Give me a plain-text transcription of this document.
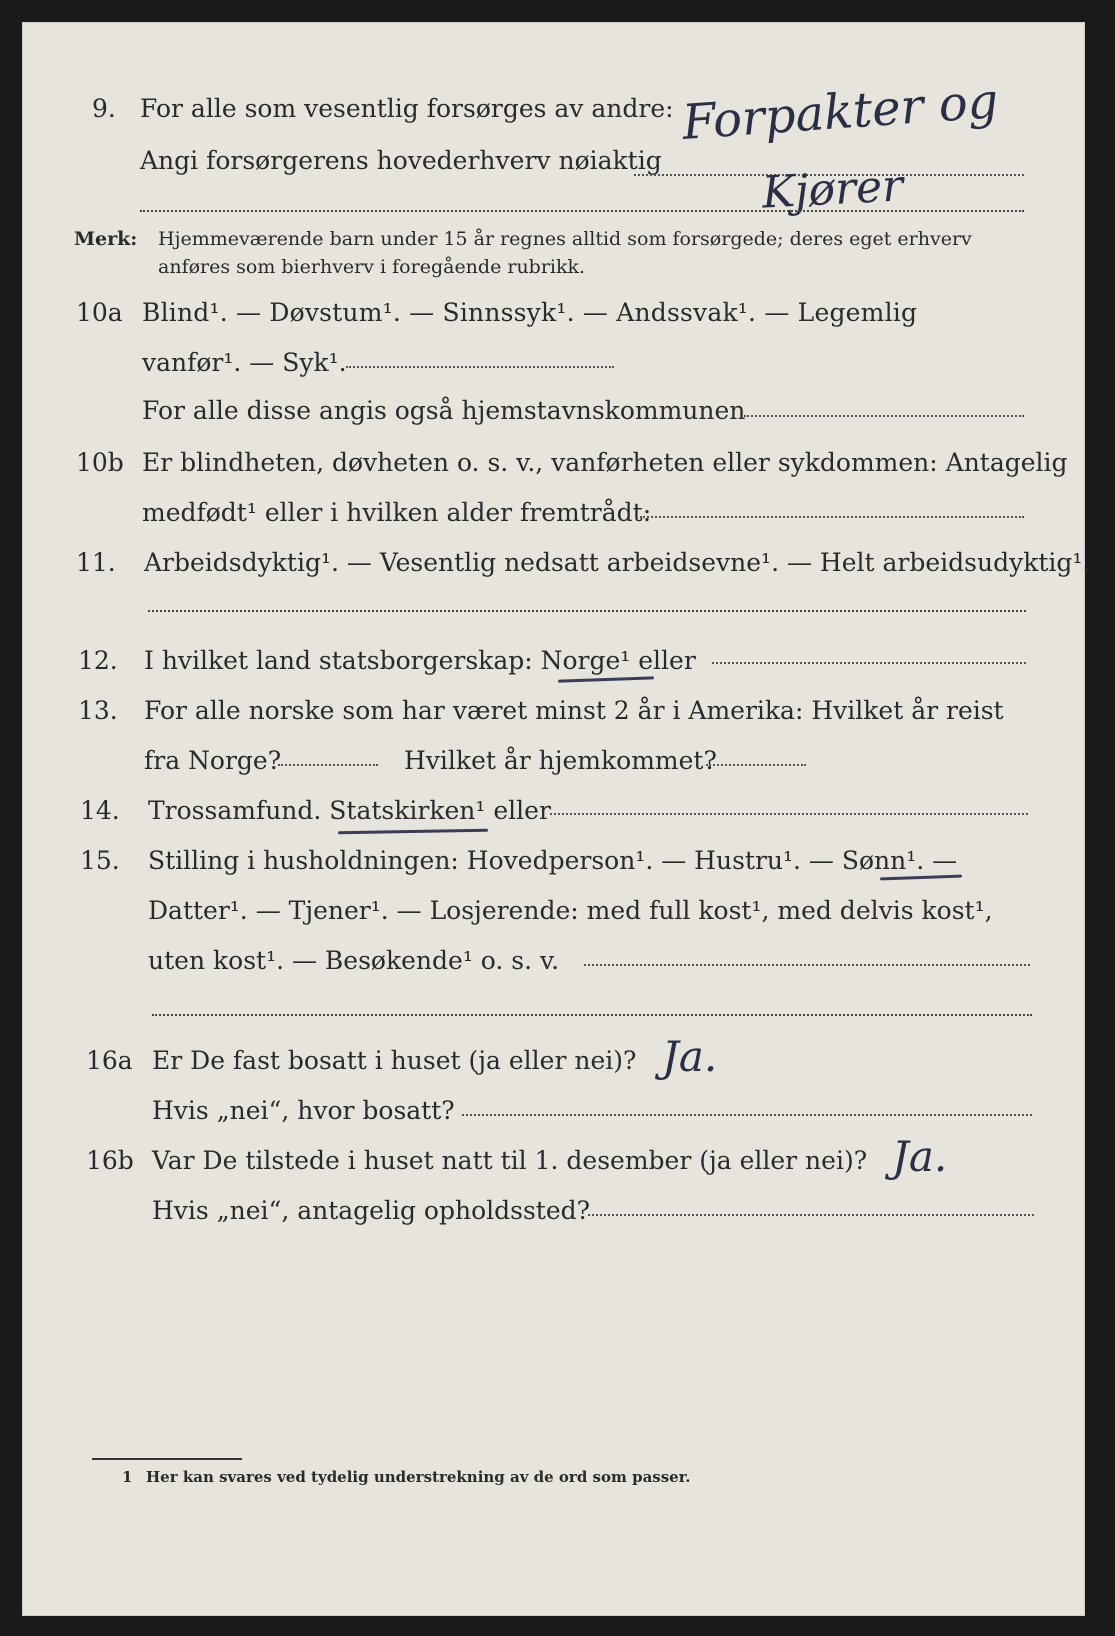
9. For alle som vesentlig forsørges av andre:
Angi forsørgerens hovederhverv nøiaktig
Forpakter og
Kjører
Merk: Hjemmeværende barn under 15 år regnes alltid som forsørgede; deres eget erhverv
anføres som bierhverv i foregående rubrikk.
10a Blind¹. — Døvstum¹. — Sinnssyk¹. — Andssvak¹. — Legemlig
vanfør¹. — Syk¹.
For alle disse angis også hjemstavnskommunen
10b Er blindheten, døvheten o. s. v., vanførheten eller sykdommen: Antagelig
medfødt¹ eller i hvilken alder fremtrådt:
11. Arbeidsdyktig¹. — Vesentlig nedsatt arbeidsevne¹. — Helt arbeidsudyktig¹.
12. I hvilket land statsborgerskap: Norge¹ eller
13. For alle norske som har været minst 2 år i Amerika: Hvilket år reist
fra Norge?	Hvilket år hjemkommet?
14. Trossamfund. Statskirken¹ eller
15. Stilling i husholdningen: Hovedperson¹. — Hustru¹. — Sønn¹. —
Datter¹. — Tjener¹. — Losjerende: med full kost¹, med delvis kost¹,
uten kost¹. — Besøkende¹ o. s. v.
16a Er De fast bosatt i huset (ja eller nei)? Ja.
Hvis „nei“, hvor bosatt?
16b Var De tilstede i huset natt til 1. desember (ja eller nei)? Ja.
Hvis „nei“, antagelig opholdssted?
1 Her kan svares ved tydelig understrekning av de ord som passer.
